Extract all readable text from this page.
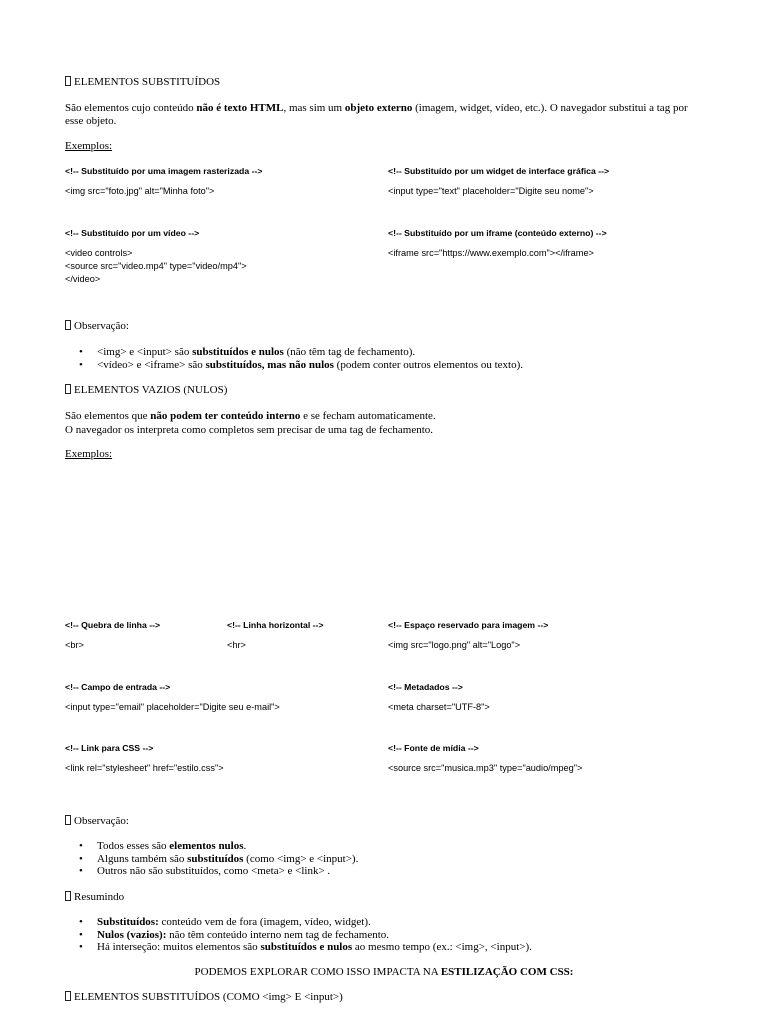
ELEMENTOS SUBSTITUÍDOS
São elementos cujo conteúdo não é texto HTML, mas sim um objeto externo (imagem, widget, vídeo, etc.). O navegador substitui a tag por
esse objeto.
Exemplos:
<!-- Substituído por uma imagem rasterizada -->
<img src="foto.jpg" alt="Minha foto">
<!-- Substituído por um widget de interface gráfica -->
<input type="text" placeholder="Digite seu nome">
<!-- Substituído por um vídeo -->
<video controls>
<source src="video.mp4" type="video/mp4">
</video>
<!-- Substituído por um iframe (conteúdo externo) -->
<iframe src="https://www.exemplo.com"></iframe>
Observação:
•
<img> e <input> são substituídos e nulos (não têm tag de fechamento).
•
<vídeo> e <iframe> são substituídos, mas não nulos (podem conter outros elementos ou texto).
ELEMENTOS VAZIOS (NULOS)
São elementos que não podem ter conteúdo interno e se fecham automaticamente.
O navegador os interpreta como completos sem precisar de uma tag de fechamento.
Exemplos:
<!-- Quebra de linha -->
<br>
<!-- Linha horizontal -->
<hr>
<!-- Espaço reservado para imagem -->
<img src="logo.png" alt="Logo">
<!-- Campo de entrada -->
<input type="email" placeholder="Digite seu e-mail">
<!-- Metadados -->
<meta charset="UTF-8">
<!-- Link para CSS -->
<link rel="stylesheet" href="estilo.css">
<!-- Fonte de mídia -->
<source src="musica.mp3" type="audio/mpeg">
Observação:
•
Todos esses são elementos nulos.
•
Alguns também são substituídos (como <img> e <input>).
•
Outros não são substituídos, como <meta> e <link> .
Resumindo
•
Substituídos: conteúdo vem de fora (imagem, vídeo, widget).
•
Nulos (vazios): não têm conteúdo interno nem tag de fechamento.
•
Há interseção: muitos elementos são substituídos e nulos ao mesmo tempo (ex.: <img>, <input>).
PODEMOS EXPLORAR COMO ISSO IMPACTA NA ESTILIZAÇÃO COM CSS:
ELEMENTOS SUBSTITUÍDOS (COMO <img> E <input>)
